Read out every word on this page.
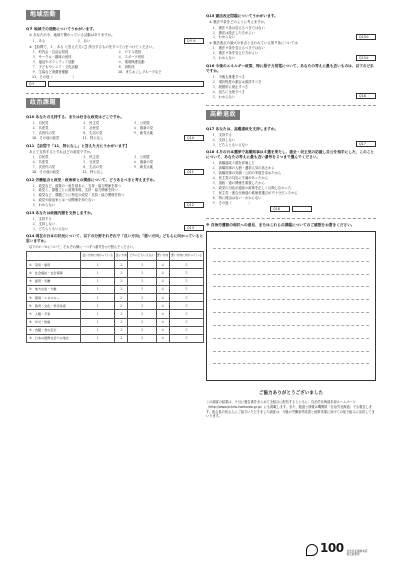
地域活動
Q９ 地域での活動についてうかがいます。
① あなたが今、地域で関わっている活動はありますか。
１．ある	２．ない	Q９①
② 【前問で、１．ある と答えた方に】該当するものをすべて○をつけてください。
１．町内会・自治会役員	２．ＰＴＡ役員
３．サークル・趣味の団体	４．スポーツ団体
５．福祉やボランティア活動	６．環境保護活動
７．子どもやシニア・文化活動	８．消防団
９．生協など消費者運動	10．まちおこしグループなど
11．その他（　　　　　　）
Q９
政治課題
Q10 あなたの支持する、または好きな政党はどこですか。
１．自民党	２．民主党	３．公明党
４．共産党	５．社民党	６．維新の党
７．次世代の党	８．生活の党	９．新党大地
10．その他の政党	11．特になし	Q10
Q11 【前問で「11．特になし」と答えた方にうかがいます】
あえて支持するとすればどの政党ですか。
１．自民党	２．民主党	３．公明党
４．共産党	５．社民党	６．維新の党
７．次世代の党	８．生活の党	９．新党大地
10．その他の政党	11．特になし	Q11
Q12 労働組合と政党・政治家との関係について、どうあるべきと考えますか。
１．政党など、政策の一致を基本に、支持・協力関係を持つ
２．政党と、課題ごとに政策実現、支持・協力関係を持つ
３．政党など、課題ごとに特定の政党・支持・協力関係を持つ
４．政党や政治家とは一切関係を持たない
５．わからない	Q12
Q13 あなたは政権内閣を支持しますか。
１．支持する
２．支持しない
３．どちらともいえない	Q13
Q14 現在の日本の状況について、以下の分野それぞれで「良い方向」「悪い方向」どちらに向かっていると思いますか。
以下の①〜⑩について、それぞれ横に一つずつ番号を○で囲んでください。
	良い方向に向かっている	良い方向	どちらともいえない	悪い方向	悪い方向に向かっている
①　景気・雇用	１	２	３	４	５
②　社会福祉・社会保障	１	２	３	４	５
③　雇用・労働	１	２	３	４	５
④　地方自治・分権	１	２	３	４	５
⑤　環境・エネルギー	１	２	３	４	５
⑥　教育・文化・科学技術	１	２	３	４	５
⑦　人権・平和	１	２	３	４	５
⑧　外交・防衛	１	２	３	４	５
⑨　食糧・食の安全	１	２	３	４	５
⑩　日本の国際社会での地位	１	２	３	４	５
Q15 憲法改正問題についてうかがいます。
① 憲法９条をどのように考えますか。
１．憲法９条は変えるべきではない
２．憲法は改正した方がよい
３．わからない	Q15①
② 憲法改正の最大の争点と言われている第９条については
１．憲法９条を変えるべきではない
２．憲法９条を変えた方がよい
３．わからない	Q15②
Q16 今後のエネルギー政策、特に原子力発電について、あなたの考えに最も近いものは、以下のどれですか。
１．今後も推進すべき
２．現状程度の割合は維持すべき
３．段階的に廃止すべき
４．直ちに全廃すべき
５．わからない	Q16
高齢退政
Q17 あなたは、高橋道政を支持しますか。
１．支持する
２．支持しない
３．どちらともいえない	Q17
Q18 ４月の日本選挙で高橋知事は４選を果たし、道会・民主党の応援し自公を相手にした、このことについて、あなたの考えに最も近い番号を２つまで選んでください。
１．高橋道政３期を評価した
２．高橋知事の人柄・選挙人気の高さから
３．高橋知事の実績・公約の実現を求めたから
４．民主党の対応に不満があったから
５．道政・道の関係を重視したから
６．政党の対応が道政の政策を正しく反映しなかった
７．民主党・連合北海道の候補者選びが不十分だったから
８．特に理由はない・わからない
９．その他（　　　　　）
Q18
※ 自治労運動の現状への意見、またはこれらの課題についてのご感想をお書きください。
ご協力ありがとうございました
この調査の結果は、９月に報告書をまとめて全組合に配布するとともに、自治労北海道本部ホームページ（http://www.jichiro-hokkaido.gr.jp）にも掲載します。また、報道と情報は機関紙「自治労北海道」でも報告します。組合員の皆さんにご協力いただきました調査は、今後の労働条件改善と政策実現に向けての取り組みに活用してまいります。
100 自治労北海道本部
総合政策局
